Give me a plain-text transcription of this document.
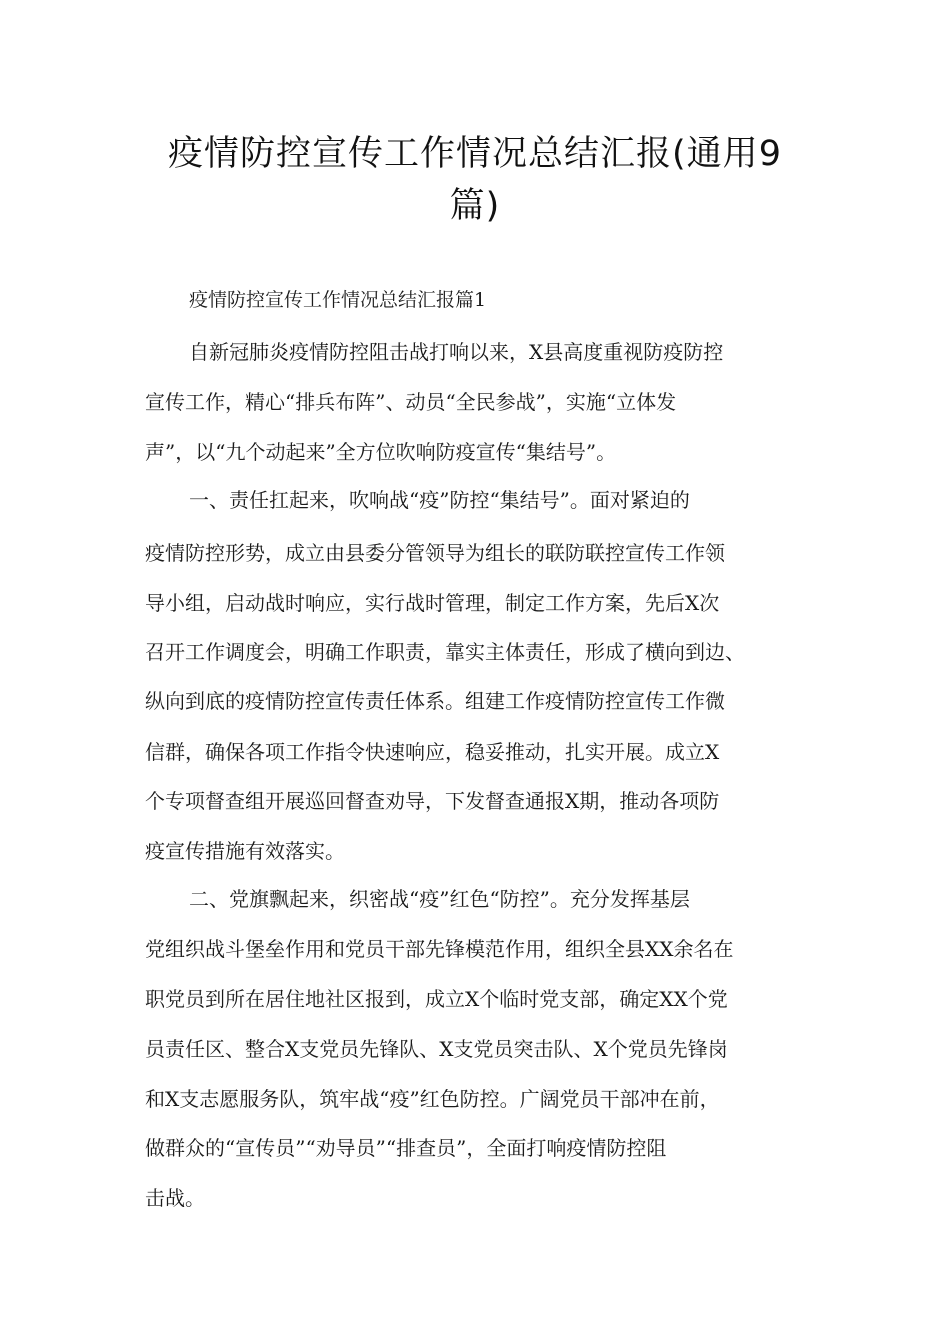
疫情防控宣传工作情况总结汇报(通用9
篇)

疫情防控宣传工作情况总结汇报篇1

自新冠肺炎疫情防控阻击战打响以来，X县高度重视防疫防控

宣传工作，精心“排兵布阵”、动员“全民参战”，实施“立体发

声”，以“九个动起来”全方位吹响防疫宣传“集结号”。

一、责任扛起来，吹响战“疫”防控“集结号”。面对紧迫的

疫情防控形势，成立由县委分管领导为组长的联防联控宣传工作领

导小组，启动战时响应，实行战时管理，制定工作方案，先后X次

召开工作调度会，明确工作职责，靠实主体责任，形成了横向到边、

纵向到底的疫情防控宣传责任体系。组建工作疫情防控宣传工作微

信群，确保各项工作指令快速响应，稳妥推动，扎实开展。成立X

个专项督查组开展巡回督查劝导，下发督查通报X期，推动各项防

疫宣传措施有效落实。

二、党旗飘起来，织密战“疫”红色“防控”。充分发挥基层

党组织战斗堡垒作用和党员干部先锋模范作用，组织全县XX余名在

职党员到所在居住地社区报到，成立X个临时党支部，确定XX个党

员责任区、整合X支党员先锋队、X支党员突击队、X个党员先锋岗

和X支志愿服务队，筑牢战“疫”红色防控。广阔党员干部冲在前，

做群众的“宣传员”“劝导员”“排查员”，全面打响疫情防控阻

击战。
